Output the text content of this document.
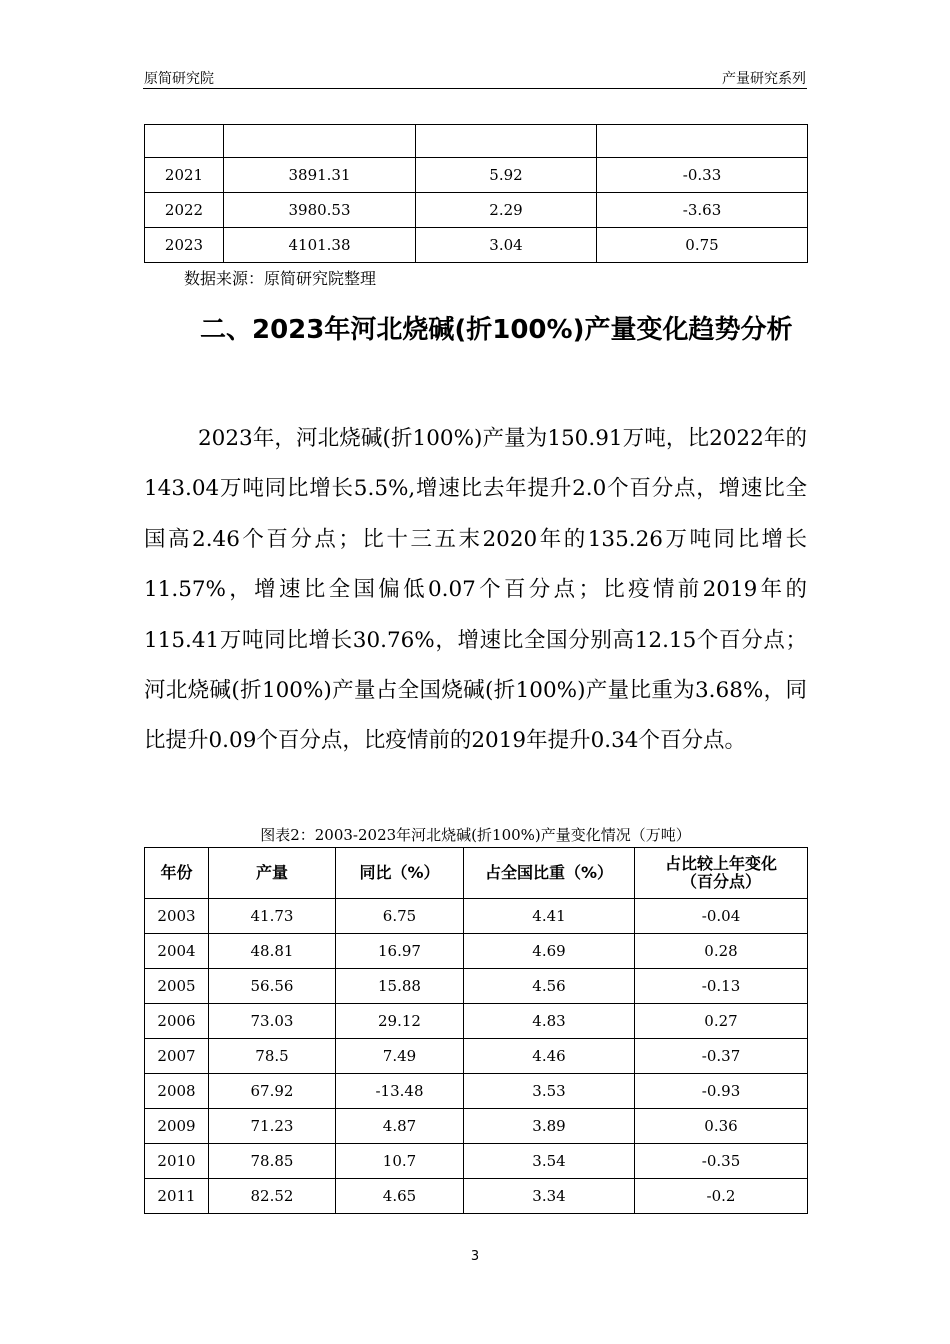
原简研究院	产量研究系列

2021	3891.31	5.92	-0.33
2022	3980.53	2.29	-3.63
2023	4101.38	3.04	0.75
数据来源：原简研究院整理
二、2023年河北烧碱(折100%)产量变化趋势分析

2023年，河北烧碱(折100%)产量为150.91万吨，比2022年的143.04万吨同比增长5.5%,增速比去年提升2.0个百分点，增速比全国高2.46个百分点；比十三五末2020年的135.26万吨同比增长11.57%，增速比全国偏低0.07个百分点；比疫情前2019年的115.41万吨同比增长30.76%，增速比全国分别高12.15个百分点；河北烧碱(折100%)产量占全国烧碱(折100%)产量比重为3.68%，同比提升0.09个百分点，比疫情前的2019年提升0.34个百分点。

图表2：2003-2023年河北烧碱(折100%)产量变化情况（万吨）
年份	产量	同比（%）	占全国比重（%）	占比较上年变化（百分点）
2003	41.73	6.75	4.41	-0.04
2004	48.81	16.97	4.69	0.28
2005	56.56	15.88	4.56	-0.13
2006	73.03	29.12	4.83	0.27
2007	78.5	7.49	4.46	-0.37
2008	67.92	-13.48	3.53	-0.93
2009	71.23	4.87	3.89	0.36
2010	78.85	10.7	3.54	-0.35
2011	82.52	4.65	3.34	-0.2
3
